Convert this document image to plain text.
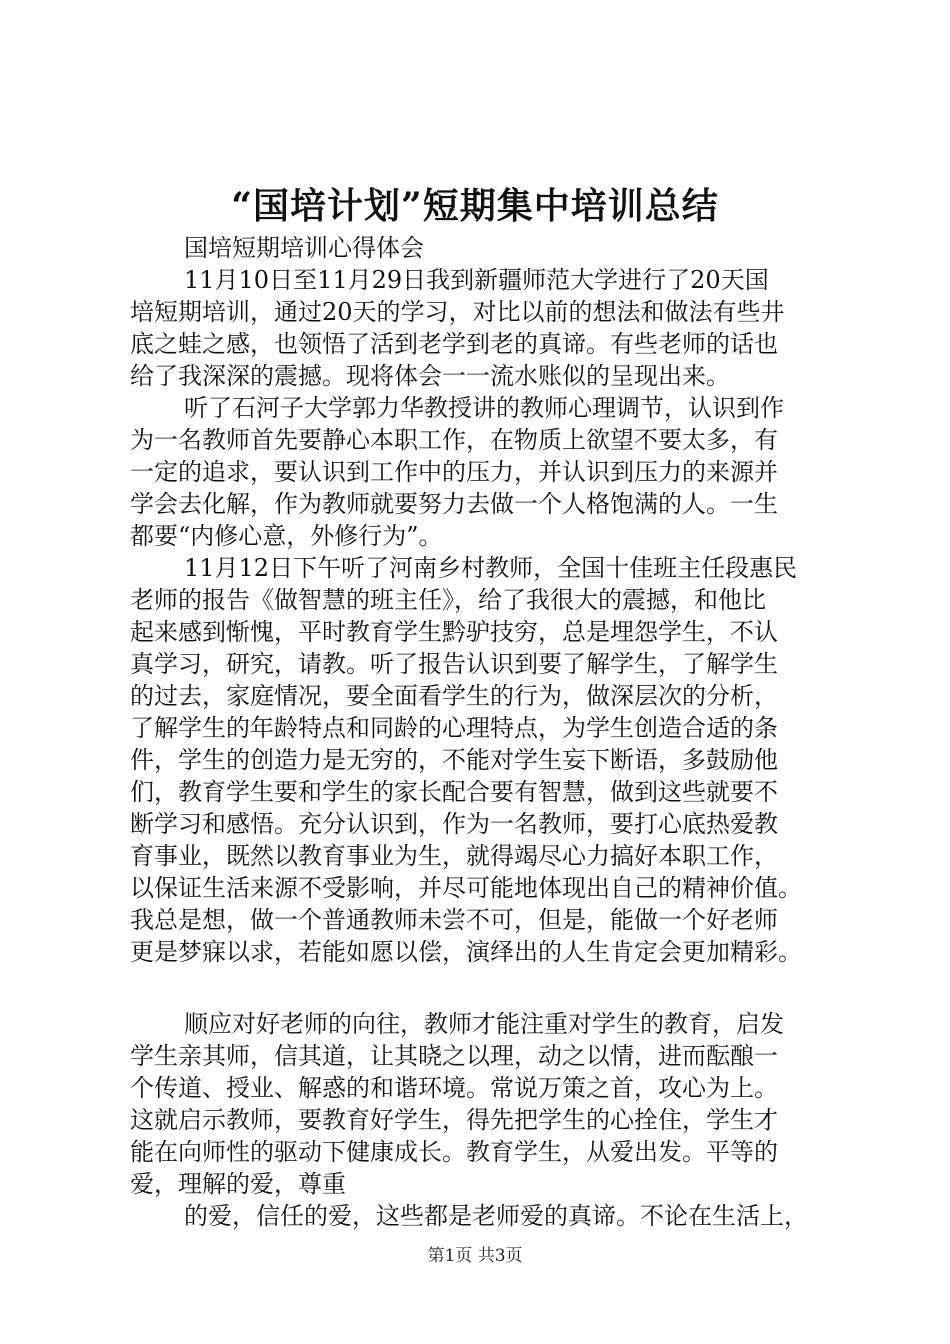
“国培计划”短期集中培训总结

国培短期培训心得体会

11月10日至11月29日我到新疆师范大学进行了20天国
培短期培训，通过20天的学习，对比以前的想法和做法有些井
底之蛙之感，也领悟了活到老学到老的真谛。有些老师的话也
给了我深深的震撼。现将体会一一流水账似的呈现出来。

听了石河子大学郭力华教授讲的教师心理调节，认识到作
为一名教师首先要静心本职工作，在物质上欲望不要太多，有
一定的追求，要认识到工作中的压力，并认识到压力的来源并
学会去化解，作为教师就要努力去做一个人格饱满的人。一生
都要“内修心意，外修行为”。

11月12日下午听了河南乡村教师，全国十佳班主任段惠民
老师的报告《做智慧的班主任》，给了我很大的震撼，和他比
起来感到惭愧，平时教育学生黔驴技穷，总是埋怨学生，不认
真学习，研究，请教。听了报告认识到要了解学生，了解学生
的过去，家庭情况，要全面看学生的行为，做深层次的分析，
了解学生的年龄特点和同龄的心理特点，为学生创造合适的条
件，学生的创造力是无穷的，不能对学生妄下断语，多鼓励他
们，教育学生要和学生的家长配合要有智慧，做到这些就要不
断学习和感悟。充分认识到，作为一名教师，要打心底热爱教
育事业，既然以教育事业为生，就得竭尽心力搞好本职工作，
以保证生活来源不受影响，并尽可能地体现出自己的精神价值。
我总是想，做一个普通教师未尝不可，但是，能做一个好老师
更是梦寐以求，若能如愿以偿，演绎出的人生肯定会更加精彩。

顺应对好老师的向往，教师才能注重对学生的教育，启发
学生亲其师，信其道，让其晓之以理，动之以情，进而酝酿一
个传道、授业、解惑的和谐环境。常说万策之首，攻心为上。
这就启示教师，要教育好学生，得先把学生的心拴住，学生才
能在向师性的驱动下健康成长。教育学生，从爱出发。平等的
爱，理解的爱，尊重

的爱，信任的爱，这些都是老师爱的真谛。不论在生活上，

第1页 共3页
